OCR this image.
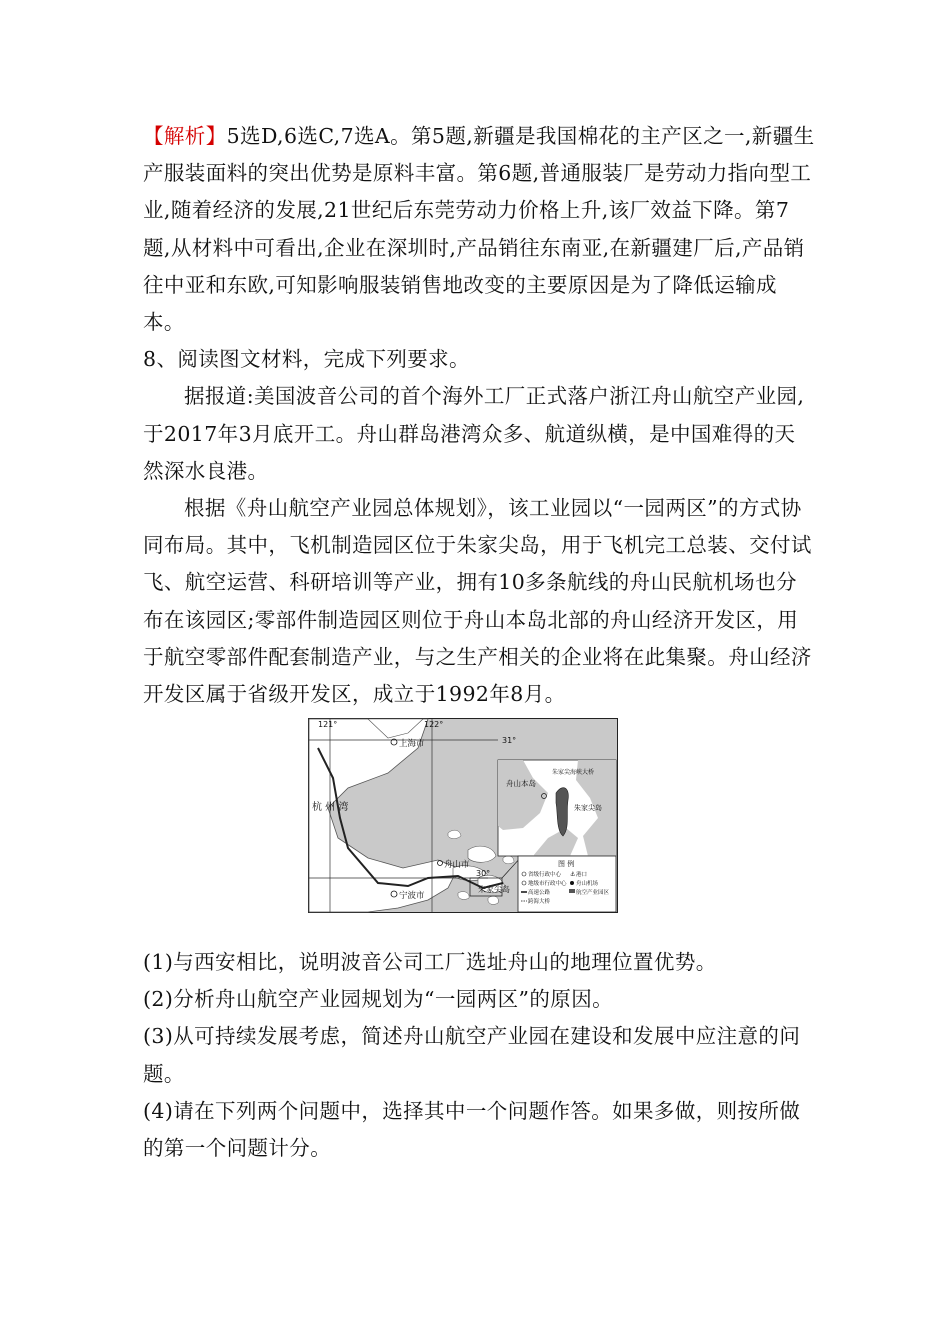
【解析】5选D,6选C,7选A。第5题,新疆是我国棉花的主产区之一,新疆生产服装面料的突出优势是原料丰富。第6题,普通服装厂是劳动力指向型工业,随着经济的发展,21世纪后东莞劳动力价格上升,该厂效益下降。第7题,从材料中可看出,企业在深圳时,产品销往东南亚,在新疆建厂后,产品销往中亚和东欧,可知影响服装销售地改变的主要原因是为了降低运输成本。

8、阅读图文材料，完成下列要求。

据报道:美国波音公司的首个海外工厂正式落户浙江舟山航空产业园,于2017年3月底开工。舟山群岛港湾众多、航道纵横，是中国难得的天然深水良港。

根据《舟山航空产业园总体规划》，该工业园以“一园两区”的方式协同布局。其中，飞机制造园区位于朱家尖岛，用于飞机完工总装、交付试飞、航空运营、科研培训等产业，拥有10多条航线的舟山民航机场也分布在该园区;零部件制造园区则位于舟山本岛北部的舟山经济开发区，用于航空零部件配套制造产业，与之生产相关的企业将在此集聚。舟山经济开发区属于省级开发区，成立于1992年8月。

121°	122°
31°
30°
上海市
杭 州 湾
宁波市
舟山市
朱家尖岛
舟山本岛
朱家尖海峡大桥
朱家尖岛
图 例
省级行政中心 ⚓ 港口
地级市行政中心 舟山机场
高速公路	航空产业园区
跨海大桥

(1)与西安相比，说明波音公司工厂选址舟山的地理位置优势。

(2)分析舟山航空产业园规划为“一园两区”的原因。

(3)从可持续发展考虑，简述舟山航空产业园在建设和发展中应注意的问题。

(4)请在下列两个问题中，选择其中一个问题作答。如果多做，则按所做的第一个问题计分。
